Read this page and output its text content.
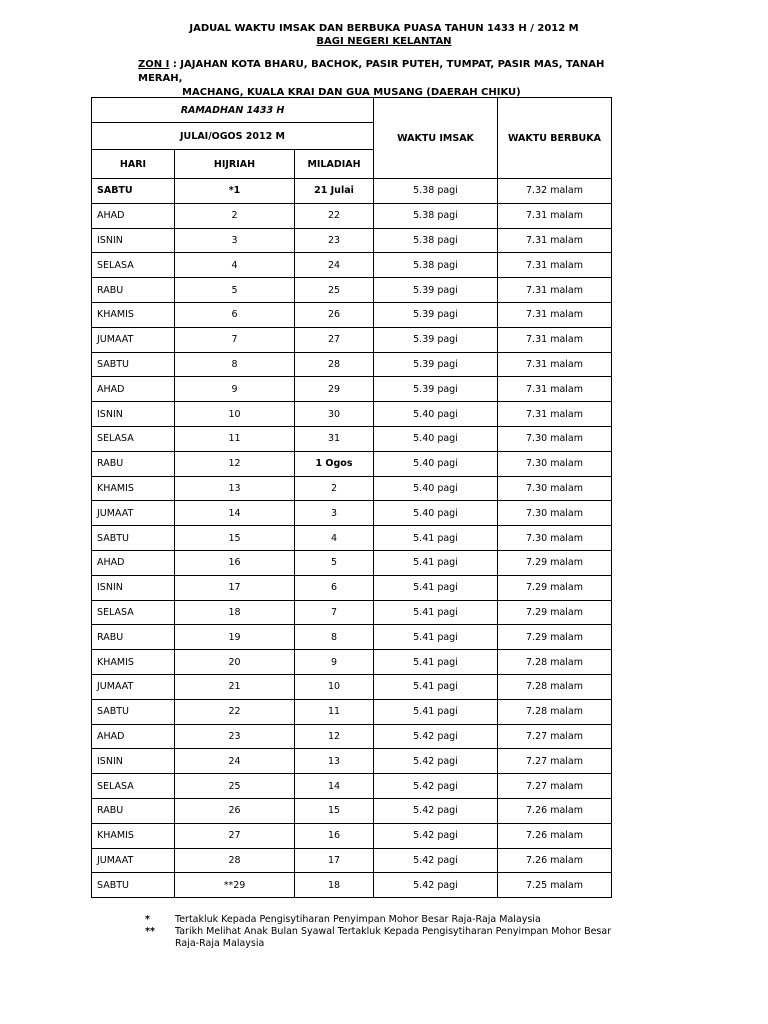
JADUAL WAKTU IMSAK DAN BERBUKA PUASA TAHUN 1433 H / 2012 M
BAGI NEGERI KELANTAN
ZON I : JAJAHAN KOTA BHARU, BACHOK, PASIR PUTEH, TUMPAT, PASIR MAS, TANAH MERAH,
MACHANG, KUALA KRAI DAN GUA MUSANG (DAERAH CHIKU)
RAMADHAN 1433 H			WAKTU IMSAK	WAKTU BERBUKA
JULAI/OGOS 2012 M				
HARI	HIJRIAH	MILADIAH		
SABTU	*1	21 Julai	5.38 pagi	7.32 malam
AHAD	2	22	5.38 pagi	7.31 malam
ISNIN	3	23	5.38 pagi	7.31 malam
SELASA	4	24	5.38 pagi	7.31 malam
RABU	5	25	5.39 pagi	7.31 malam
KHAMIS	6	26	5.39 pagi	7.31 malam
JUMAAT	7	27	5.39 pagi	7.31 malam
SABTU	8	28	5.39 pagi	7.31 malam
AHAD	9	29	5.39 pagi	7.31 malam
ISNIN	10	30	5.40 pagi	7.31 malam
SELASA	11	31	5.40 pagi	7.30 malam
RABU	12	1 Ogos	5.40 pagi	7.30 malam
KHAMIS	13	2	5.40 pagi	7.30 malam
JUMAAT	14	3	5.40 pagi	7.30 malam
SABTU	15	4	5.41 pagi	7.30 malam
AHAD	16	5	5.41 pagi	7.29 malam
ISNIN	17	6	5.41 pagi	7.29 malam
SELASA	18	7	5.41 pagi	7.29 malam
RABU	19	8	5.41 pagi	7.29 malam
KHAMIS	20	9	5.41 pagi	7.28 malam
JUMAAT	21	10	5.41 pagi	7.28 malam
SABTU	22	11	5.41 pagi	7.28 malam
AHAD	23	12	5.42 pagi	7.27 malam
ISNIN	24	13	5.42 pagi	7.27 malam
SELASA	25	14	5.42 pagi	7.27 malam
RABU	26	15	5.42 pagi	7.26 malam
KHAMIS	27	16	5.42 pagi	7.26 malam
JUMAAT	28	17	5.42 pagi	7.26 malam
SABTU	**29	18	5.42 pagi	7.25 malam
*	Tertakluk Kepada Pengisytiharan Penyimpan Mohor Besar Raja-Raja Malaysia
**	Tarikh Melihat Anak Bulan Syawal Tertakluk Kepada Pengisytiharan Penyimpan Mohor Besar Raja-Raja Malaysia
